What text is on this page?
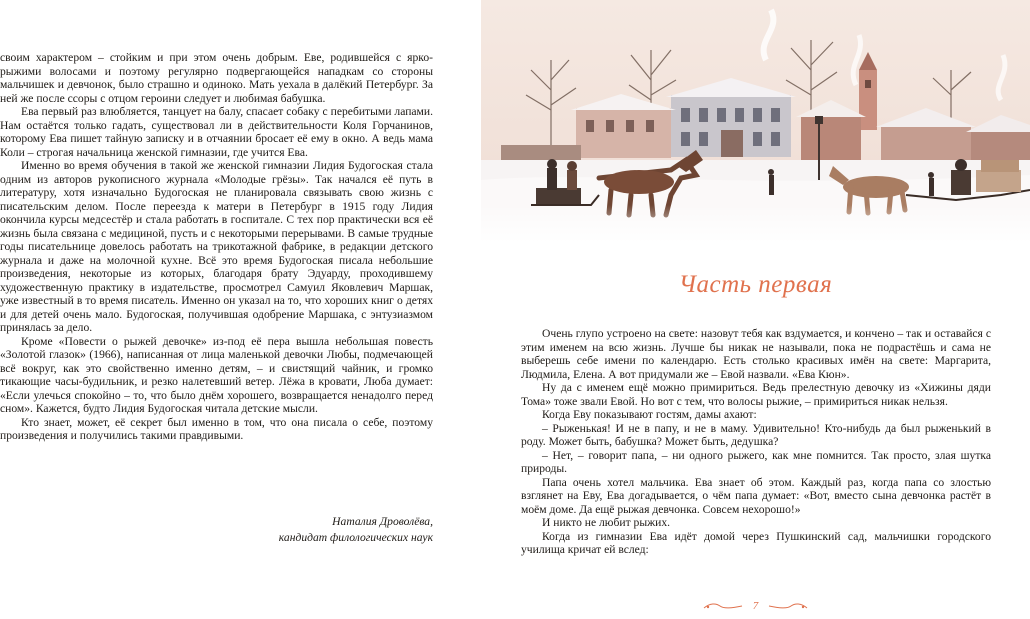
своим характером – стойким и при этом очень добрым. Еве, родившейся с ярко-рыжими волосами и поэтому регулярно подвергающейся нападкам со стороны мальчишек и девчонок, было страшно и одиноко. Мать уехала в далёкий Петербург. За ней же после ссоры с отцом героини следует и любимая бабушка.

Ева первый раз влюбляется, танцует на балу, спасает собаку с перебитыми лапами. Нам остаётся только гадать, существовал ли в действительности Коля Горчанинов, которому Ева пишет тайную записку и в отчаянии бросает её ему в окно. А ведь мама Коли – строгая начальница женской гимназии, где учится Ева.

Именно во время обучения в такой же женской гимназии Лидия Будогоская стала одним из авторов рукописного журнала «Молодые грёзы». Так начался её путь в литературу, хотя изначально Будогоская не планировала связывать свою жизнь с писательским делом. После переезда к матери в Петербург в 1915 году Лидия окончила курсы медсестёр и стала работать в госпитале. С тех пор практически вся её жизнь была связана с медициной, пусть и с некоторыми перерывами. В самые трудные годы писательнице довелось работать на трикотажной фабрике, в редакции детского журнала и даже на молочной кухне. Всё это время Будогоская писала небольшие произведения, некоторые из которых, благодаря брату Эдуарду, проходившему художественную практику в издательстве, просмотрел Самуил Яковлевич Маршак, уже известный в то время писатель. Именно он указал на то, что хороших книг о детях и для детей очень мало. Будогоская, получившая одобрение Маршака, с энтузиазмом принялась за дело.

Кроме «Повести о рыжей девочке» из-под её пера вышла небольшая повесть «Золотой глазок» (1966), написанная от лица маленькой девочки Любы, подмечающей всё вокруг, как это свойственно именно детям, – и свистящий чайник, и громко тикающие часы-будильник, и резко налетевший ветер. Лёжа в кровати, Люба думает: «Если улечься спокойно – то, что было днём хорошего, возвращается ненадолго перед сном». Кажется, будто Лидия Будогоская читала детские мысли.

Кто знает, может, её секрет был именно в том, что она писала о себе, поэтому произведения и получились такими правдивыми.

Наталия Дроволёва,
кандидат филологических наук
Часть первая

Очень глупо устроено на свете: назовут тебя как вздумается, и кончено – так и оставайся с этим именем на всю жизнь. Лучше бы никак не называли, пока не подрастёшь и сама не выберешь себе имени по календарю. Есть столько красивых имён на свете: Маргарита, Людмила, Елена. А вот придумали же – Евой назвали. «Ева Кюн».

Ну да с именем ещё можно примириться. Ведь прелестную девочку из «Хижины дяди Тома» тоже звали Евой. Но вот с тем, что волосы рыжие, – примириться никак нельзя.

Когда Еву показывают гостям, дамы ахают:

– Рыженькая! И не в папу, и не в маму. Удивительно! Кто-нибудь да был рыженький в роду. Может быть, бабушка? Может быть, дедушка?

– Нет, – говорит папа, – ни одного рыжего, как мне помнится. Так просто, злая шутка природы.

Папа очень хотел мальчика. Ева знает об этом. Каждый раз, когда папа со злостью взглянет на Еву, Ева догадывается, о чём папа думает: «Вот, вместо сына девчонка растёт в моём доме. Да ещё рыжая девчонка. Совсем нехорошо!»

И никто не любит рыжих.

Когда из гимназии Ева идёт домой через Пушкинский сад, мальчишки городского училища кричат ей вслед:

7
